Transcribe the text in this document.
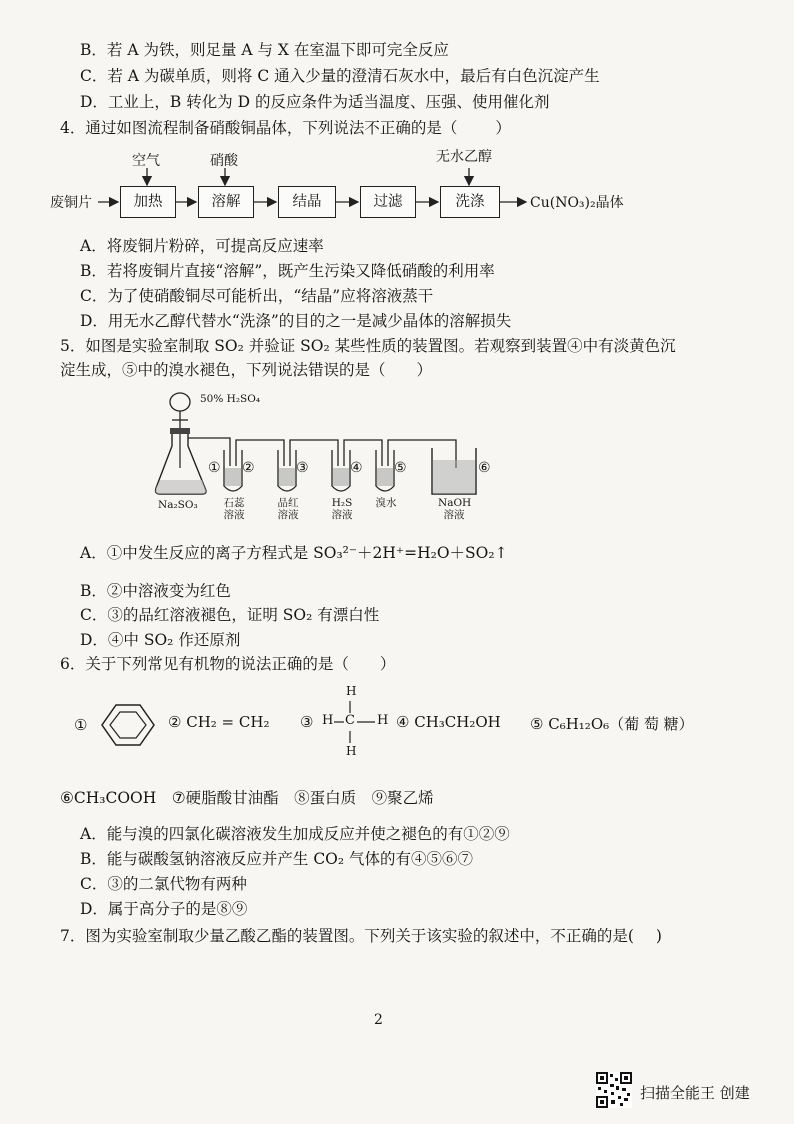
B．若 A 为铁，则足量 A 与 X 在室温下即可完全反应
C．若 A 为碳单质，则将 C 通入少量的澄清石灰水中，最后有白色沉淀产生
D．工业上，B 转化为 D 的反应条件为适当温度、压强、使用催化剂
4．通过如图流程制备硝酸铜晶体，下列说法不正确的是（ ）
废铜片	加热	溶解	结晶	过滤	洗涤
空气	硝酸	无水乙醇
Cu(NO₃)₂晶体
A．将废铜片粉碎，可提高反应速率
B．若将废铜片直接“溶解”，既产生污染又降低硝酸的利用率
C．为了使硝酸铜尽可能析出，“结晶”应将溶液蒸干
D．用无水乙醇代替水“洗涤”的目的之一是减少晶体的溶解损失
5．如图是实验室制取 SO₂ 并验证 SO₂ 某些性质的装置图。若观察到装置④中有淡黄色沉
淀生成，⑤中的溴水褪色，下列说法错误的是（　　）
50% H₂SO₄
Na₂SO₃
① ②	③	④ ⑤	⑥
石蕊
溶液
品红
溶液
H₂S
溶液
溴水	NaOH
溶液
A．①中发生反应的离子方程式是 SO₃²⁻＋2H⁺=H₂O＋SO₂↑
B．②中溶液变为红色
C．③的品红溶液褪色，证明 SO₂ 有漂白性
D．④中 SO₂ 作还原剂
6．关于下列常见有机物的说法正确的是（　　）
①	② CH₂ = CH₂ ③
H
H C H
H
④ CH₃CH₂OH ⑤ C₆H₁₂O₆（葡 萄 糖）
⑥CH₃COOH　⑦硬脂酸甘油酯　⑧蛋白质　⑨聚乙烯
A．能与溴的四氯化碳溶液发生加成反应并使之褪色的有①②⑨
B．能与碳酸氢钠溶液反应并产生 CO₂ 气体的有④⑤⑥⑦
C．③的二氯代物有两种
D．属于高分子的是⑧⑨
7．图为实验室制取少量乙酸乙酯的装置图。下列关于该实验的叙述中，不正确的是( )
2
扫描全能王 创建
